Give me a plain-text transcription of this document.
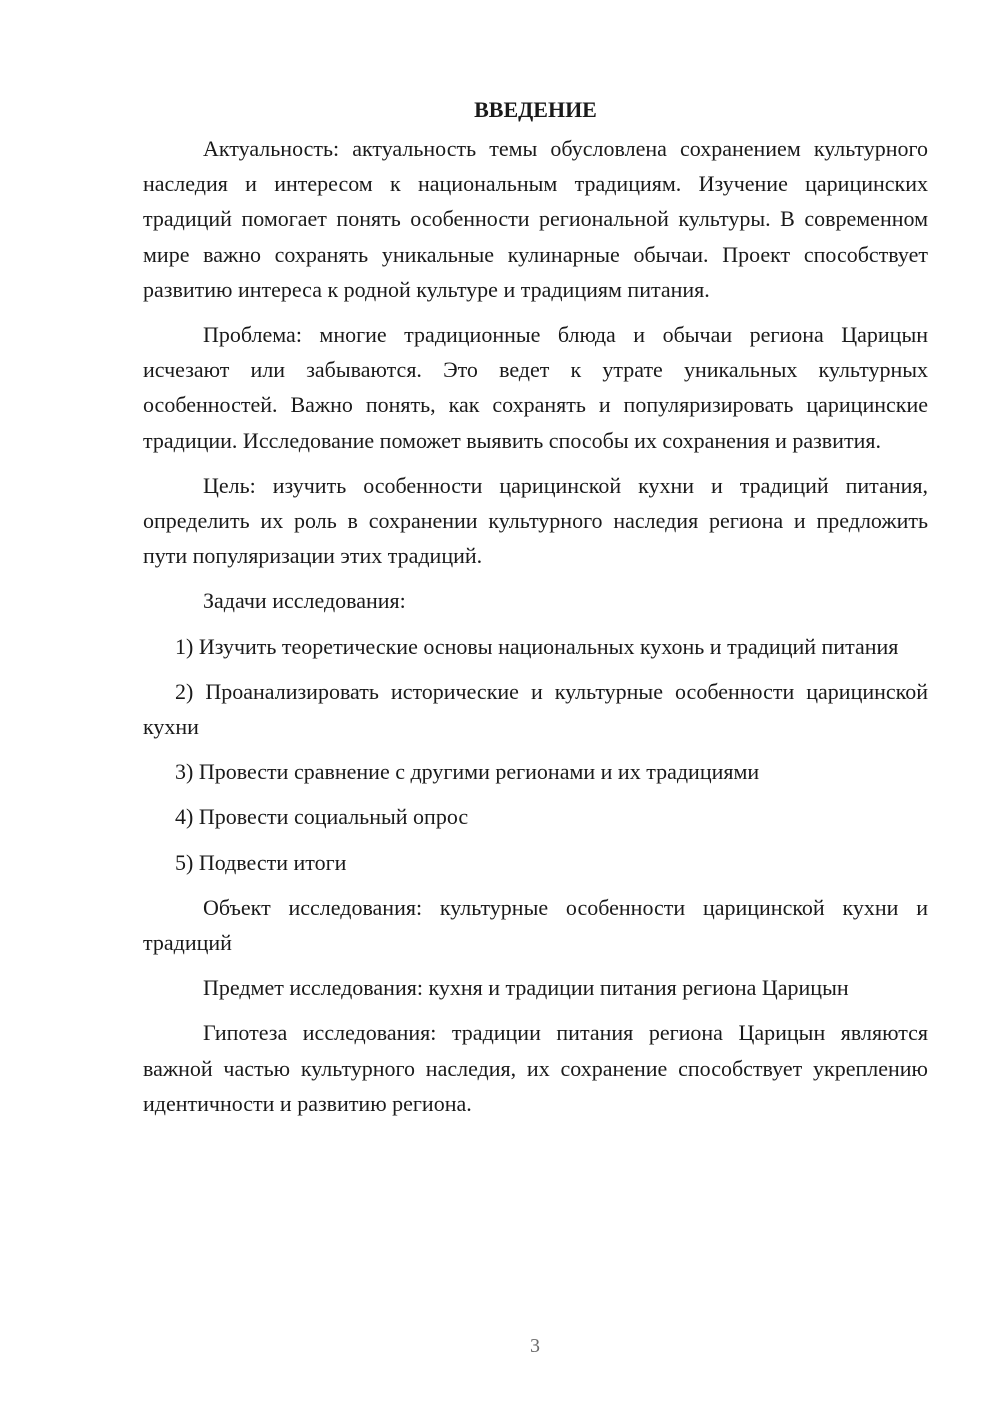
ВВЕДЕНИЕ

Актуальность: актуальность темы обусловлена сохранением культурного наследия и интересом к национальным традициям. Изучение царицинских традиций помогает понять особенности региональной культуры. В современном мире важно сохранять уникальные кулинарные обычаи. Проект способствует развитию интереса к родной культуре и традициям питания.

Проблема: многие традиционные блюда и обычаи региона Царицын исчезают или забываются. Это ведет к утрате уникальных культурных особенностей. Важно понять, как сохранять и популяризировать царицинские традиции. Исследование поможет выявить способы их сохранения и развития.

Цель: изучить особенности царицинской кухни и традиций питания, определить их роль в сохранении культурного наследия региона и предложить пути популяризации этих традиций.

Задачи исследования:

1) Изучить теоретические основы национальных кухонь и традиций питания

2) Проанализировать исторические и культурные особенности царицинской кухни

3) Провести сравнение с другими регионами и их традициями

4) Провести социальный опрос

5) Подвести итоги

Объект исследования: культурные особенности царицинской кухни и традиций

Предмет исследования: кухня и традиции питания региона Царицын

Гипотеза исследования: традиции питания региона Царицын являются важной частью культурного наследия, их сохранение способствует укреплению идентичности и развитию региона.

3
